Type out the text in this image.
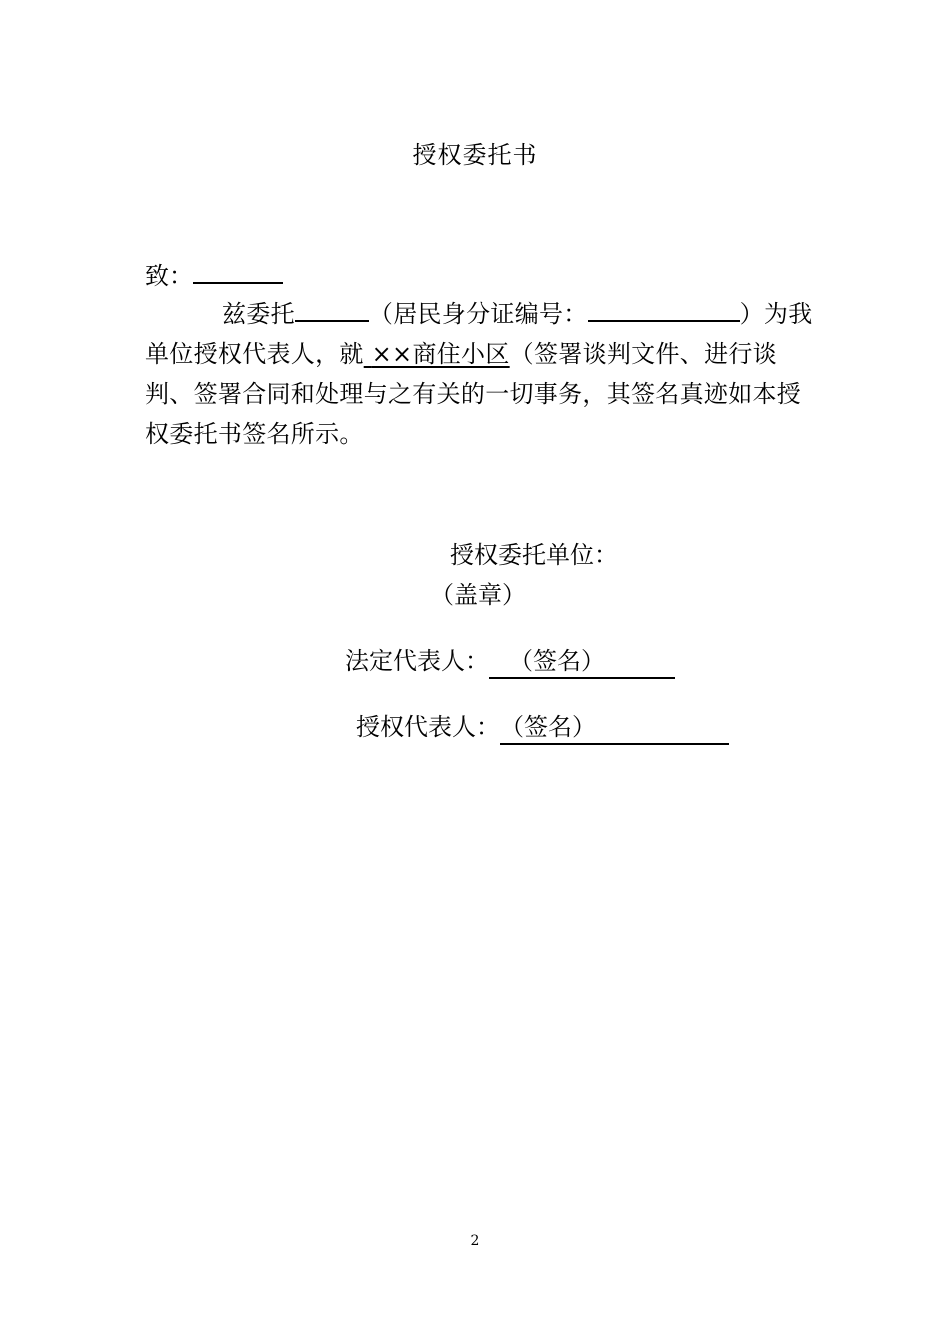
授权委托书
致：
兹委托	（居民身分证编号：	）为我单位授权代表人，就 ××商住小区（签署谈判文件、进行谈判、签署合同和处理与之有关的一切事务，其签名真迹如本授权委托书签名所示。
授权委托单位：
（盖章）
法定代表人： （签名）
授权代表人：（签名）
2
